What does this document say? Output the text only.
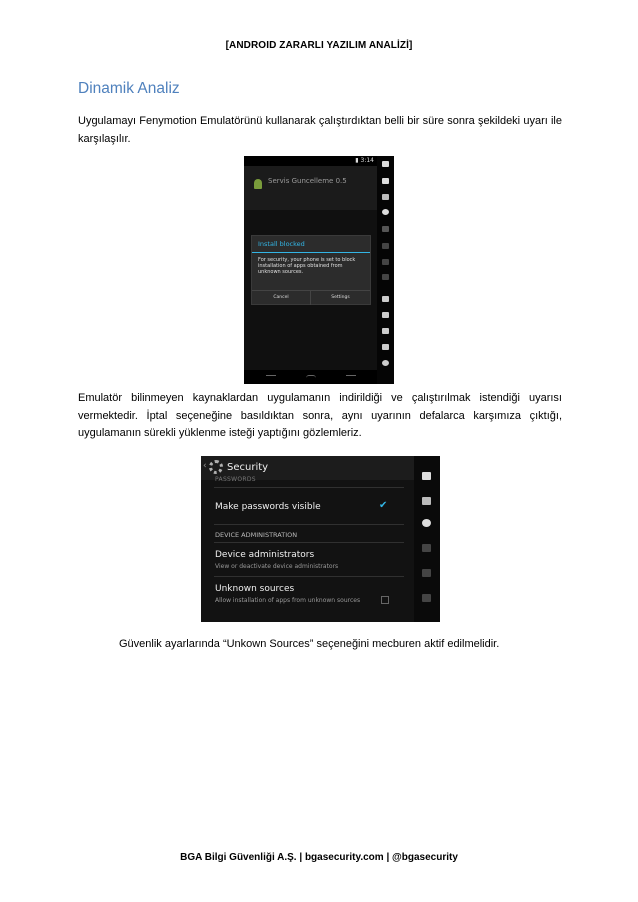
[ANDROID ZARARLI YAZILIM ANALİZİ]
Dinamik Analiz

Uygulamayı Fenymotion Emulatörünü kullanarak çalıştırdıktan belli bir süre sonra şekildeki uyarı ile karşılaşılır.

▮ 3:14
Servis Guncelleme 0.5
Install blocked
For security, your phone is set to block installation of apps obtained from unknown sources.
Cancel	Settings

Emulatör bilinmeyen kaynaklardan uygulamanın indirildiği ve çalıştırılmak istendiği uyarısı vermektedir. İptal seçeneğine basıldıktan sonra, aynı uyarının defalarca karşımıza çıktığı, uygulamanın sürekli yüklenme isteği yaptığını gözlemleriz.

‹ Security
PASSWORDS
Make passwords visible	✔
DEVICE ADMINISTRATION
Device administrators
View or deactivate device administrators
Unknown sources
Allow installation of apps from unknown sources

Güvenlik ayarlarında “Unkown Sources” seçeneğini mecburen aktif edilmelidir.

BGA Bilgi Güvenliği A.Ş. | bgasecurity.com | @bgasecurity
